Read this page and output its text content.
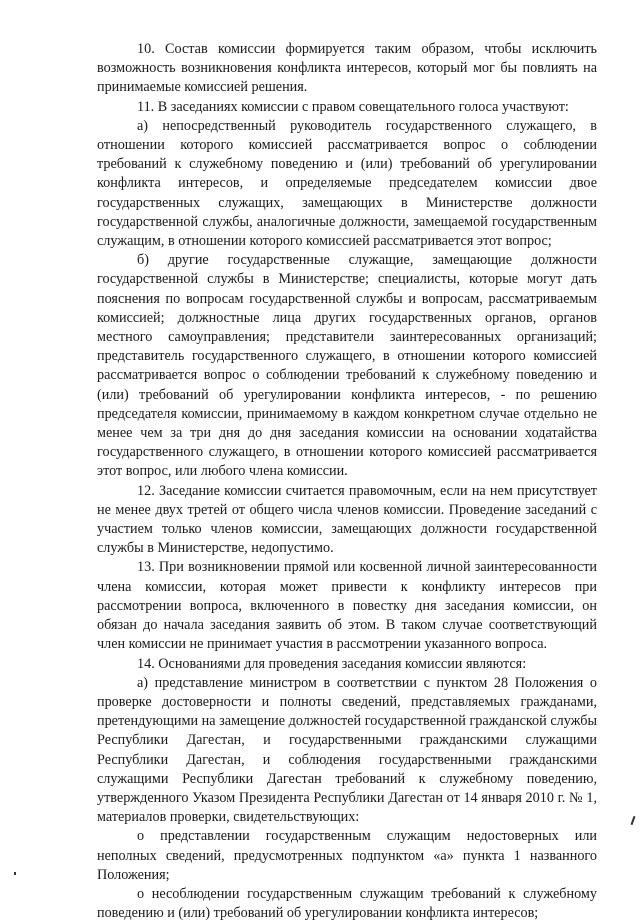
10. Состав комиссии формируется таким образом, чтобы исключить возможность возникновения конфликта интересов, который мог бы повлиять на принимаемые комиссией решения.

11. В заседаниях комиссии с правом совещательного голоса участвуют:

а) непосредственный руководитель государственного служащего, в отношении которого комиссией рассматривается вопрос о соблюдении требований к служебному поведению и (или) требований об урегулировании конфликта интересов, и определяемые председателем комиссии двое государственных служащих, замещающих в Министерстве должности государственной службы, аналогичные должности, замещаемой государственным служащим, в отношении которого комиссией рассматривается этот вопрос;

б) другие государственные служащие, замещающие должности государственной службы в Министерстве; специалисты, которые могут дать пояснения по вопросам государственной службы и вопросам, рассматриваемым комиссией; должностные лица других государственных органов, органов местного самоуправления; представители заинтересованных организаций; представитель государственного служащего, в отношении которого комиссией рассматривается вопрос о соблюдении требований к служебному поведению и (или) требований об урегулировании конфликта интересов, - по решению председателя комиссии, принимаемому в каждом конкретном случае отдельно не менее чем за три дня до дня заседания комиссии на основании ходатайства государственного служащего, в отношении которого комиссией рассматривается этот вопрос, или любого члена комиссии.

12. Заседание комиссии считается правомочным, если на нем присутствует не менее двух третей от общего числа членов комиссии. Проведение заседаний с участием только членов комиссии, замещающих должности государственной службы в Министерстве, недопустимо.

13. При возникновении прямой или косвенной личной заинтересованности члена комиссии, которая может привести к конфликту интересов при рассмотрении вопроса, включенного в повестку дня заседания комиссии, он обязан до начала заседания заявить об этом. В таком случае соответствующий член комиссии не принимает участия в рассмотрении указанного вопроса.

14. Основаниями для проведения заседания комиссии являются:

а) представление министром в соответствии с пунктом 28 Положения о проверке достоверности и полноты сведений, представляемых гражданами, претендующими на замещение должностей государственной гражданской службы Республики Дагестан, и государственными гражданскими служащими Республики Дагестан, и соблюдения государственными гражданскими служащими Республики Дагестан требований к служебному поведению, утвержденного Указом Президента Республики Дагестан от 14 января 2010 г. № 1, материалов проверки, свидетельствующих:

о представлении государственным служащим недостоверных или неполных сведений, предусмотренных подпунктом «а» пункта 1 названного Положения;

о несоблюдении государственным служащим требований к служебному поведению и (или) требований об урегулировании конфликта интересов;
